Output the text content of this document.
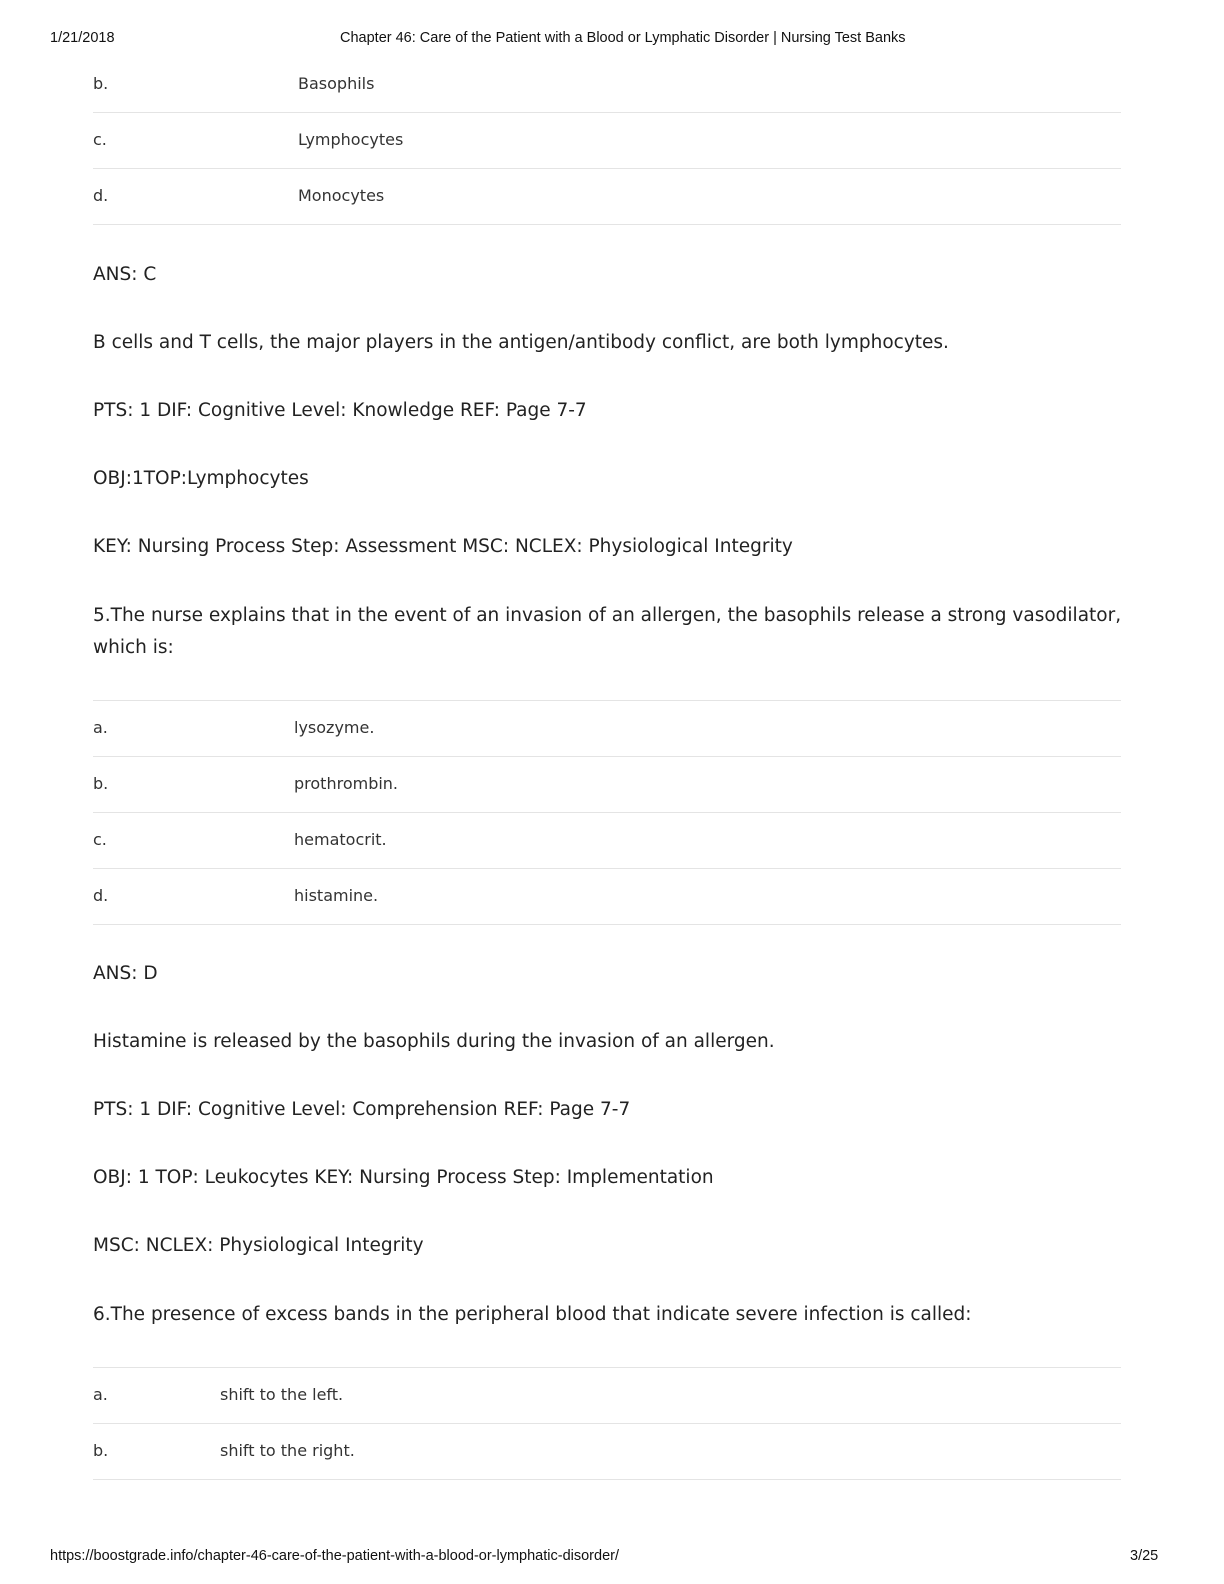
1/21/2018	Chapter 46: Care of the Patient with a Blood or Lymphatic Disorder | Nursing Test Banks
b.	Basophils
c.	Lymphocytes
d.	Monocytes
ANS: C
B cells and T cells, the major players in the antigen/antibody conflict, are both lymphocytes.
PTS: 1 DIF: Cognitive Level: Knowledge REF: Page 7-7
OBJ:1TOP:Lymphocytes
KEY: Nursing Process Step: Assessment MSC: NCLEX: Physiological Integrity
5.The nurse explains that in the event of an invasion of an allergen, the basophils release a strong vasodilator, which is:
a.	lysozyme.
b.	prothrombin.
c.	hematocrit.
d.	histamine.
ANS: D
Histamine is released by the basophils during the invasion of an allergen.
PTS: 1 DIF: Cognitive Level: Comprehension REF: Page 7-7
OBJ: 1 TOP: Leukocytes KEY: Nursing Process Step: Implementation
MSC: NCLEX: Physiological Integrity
6.The presence of excess bands in the peripheral blood that indicate severe infection is called:
a.	shift to the left.
b.	shift to the right.
https://boostgrade.info/chapter-46-care-of-the-patient-with-a-blood-or-lymphatic-disorder/	3/25
